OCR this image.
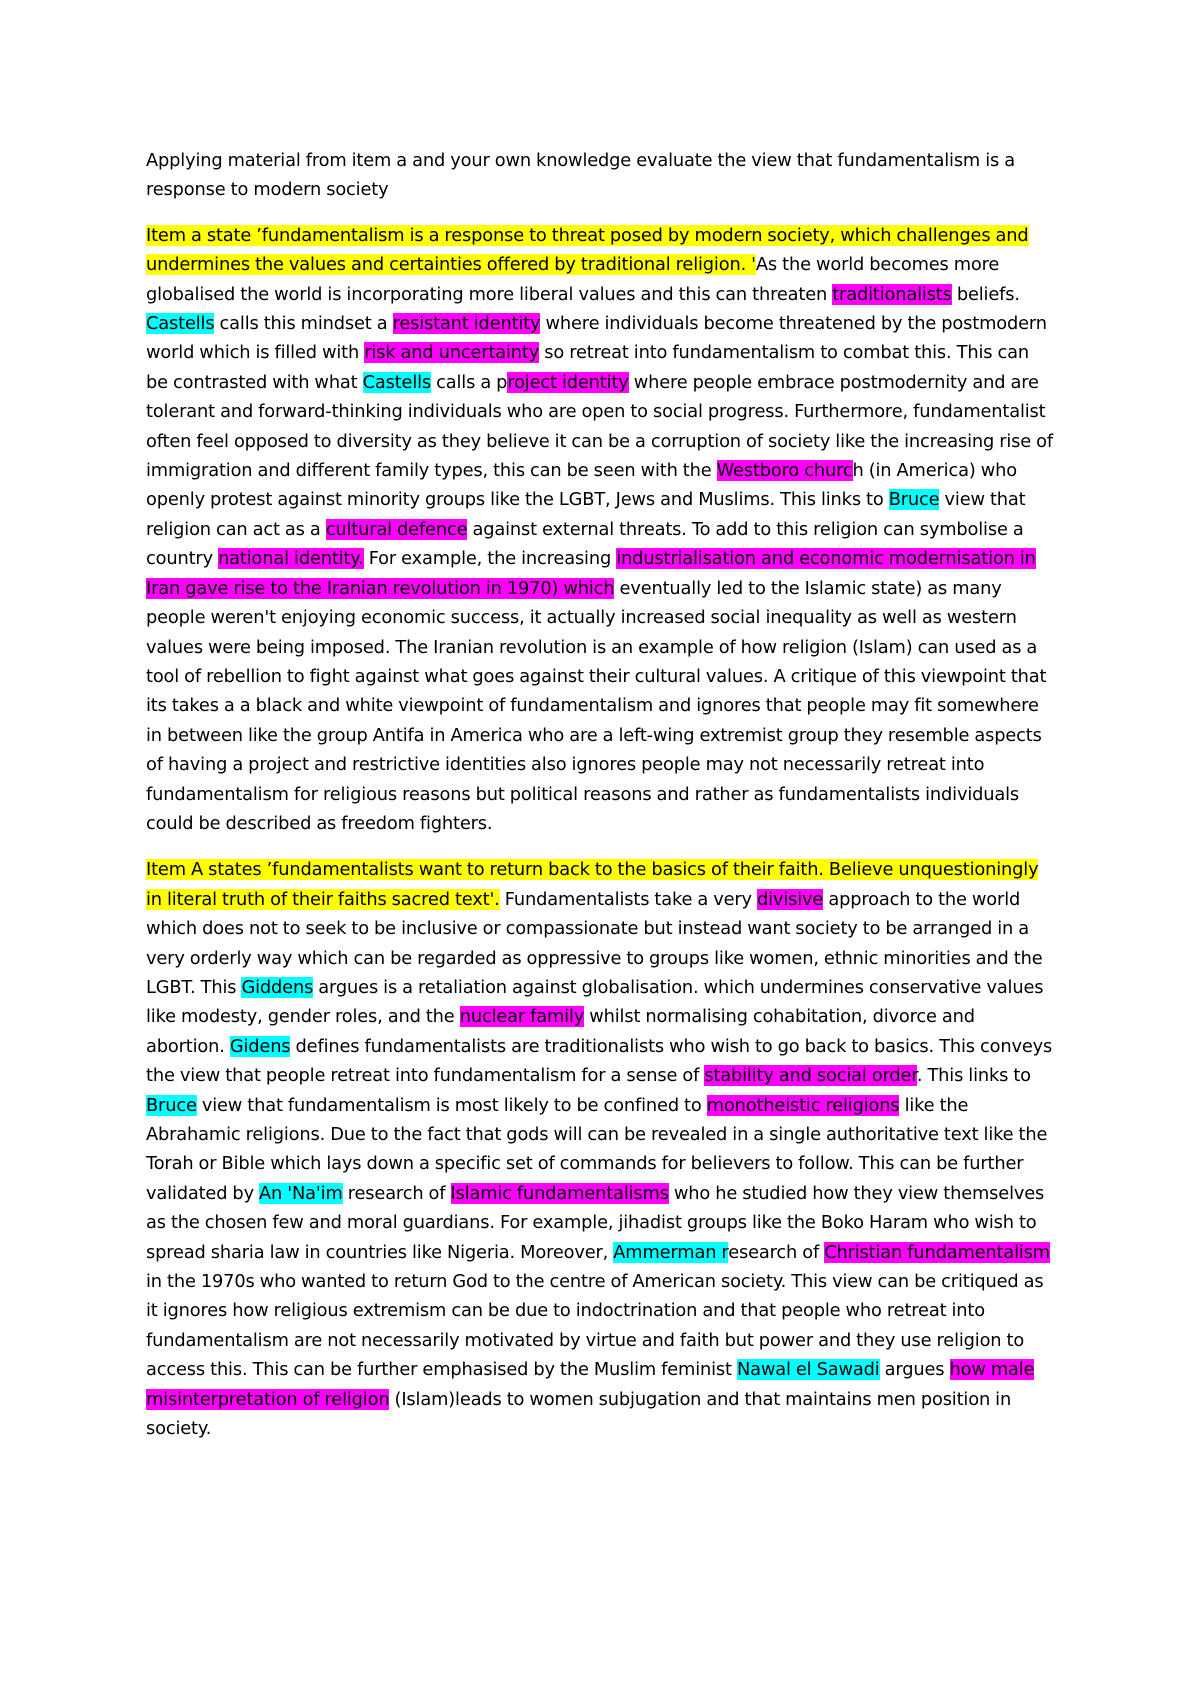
Applying material from item a and your own knowledge evaluate the view that fundamentalism is a response to modern society

Item a state ’fundamentalism is a response to threat posed by modern society, which challenges and undermines the values and certainties offered by traditional religion. 'As the world becomes more globalised the world is incorporating more liberal values and this can threaten traditionalists beliefs. Castells calls this mindset a resistant identity where individuals become threatened by the postmodern world which is filled with risk and uncertainty so retreat into fundamentalism to combat this. This can be contrasted with what Castells calls a project identity where people embrace postmodernity and are tolerant and forward-thinking individuals who are open to social progress. Furthermore, fundamentalist often feel opposed to diversity as they believe it can be a corruption of society like the increasing rise of immigration and different family types, this can be seen with the Westboro church (in America) who openly protest against minority groups like the LGBT, Jews and Muslims. This links to Bruce view that religion can act as a cultural defence against external threats. To add to this religion can symbolise a country national identity. For example, the increasing industrialisation and economic modernisation in Iran gave rise to the Iranian revolution in 1970) which eventually led to the Islamic state) as many people weren't enjoying economic success, it actually increased social inequality as well as western values were being imposed. The Iranian revolution is an example of how religion (Islam) can used as a tool of rebellion to fight against what goes against their cultural values. A critique of this viewpoint that its takes a a black and white viewpoint of fundamentalism and ignores that people may fit somewhere in between like the group Antifa in America who are a left-wing extremist group they resemble aspects of having a project and restrictive identities also ignores people may not necessarily retreat into fundamentalism for religious reasons but political reasons and rather as fundamentalists individuals could be described as freedom fighters.

Item A states ’fundamentalists want to return back to the basics of their faith. Believe unquestioningly in literal truth of their faiths sacred text'. Fundamentalists take a very divisive approach to the world which does not to seek to be inclusive or compassionate but instead want society to be arranged in a very orderly way which can be regarded as oppressive to groups like women, ethnic minorities and the LGBT. This Giddens argues is a retaliation against globalisation. which undermines conservative values like modesty, gender roles, and the nuclear family whilst normalising cohabitation, divorce and abortion. Gidens defines fundamentalists are traditionalists who wish to go back to basics. This conveys the view that people retreat into fundamentalism for a sense of stability and social order. This links to Bruce view that fundamentalism is most likely to be confined to monotheistic religions like the Abrahamic religions. Due to the fact that gods will can be revealed in a single authoritative text like the Torah or Bible which lays down a specific set of commands for believers to follow. This can be further validated by An 'Na'im research of Islamic fundamentalisms who he studied how they view themselves as the chosen few and moral guardians. For example, jihadist groups like the Boko Haram who wish to spread sharia law in countries like Nigeria. Moreover, Ammerman research of Christian fundamentalism in the 1970s who wanted to return God to the centre of American society. This view can be critiqued as it ignores how religious extremism can be due to indoctrination and that people who retreat into fundamentalism are not necessarily motivated by virtue and faith but power and they use religion to access this. This can be further emphasised by the Muslim feminist Nawal el Sawadi argues how male misinterpretation of religion (Islam)leads to women subjugation and that maintains men position in society.
